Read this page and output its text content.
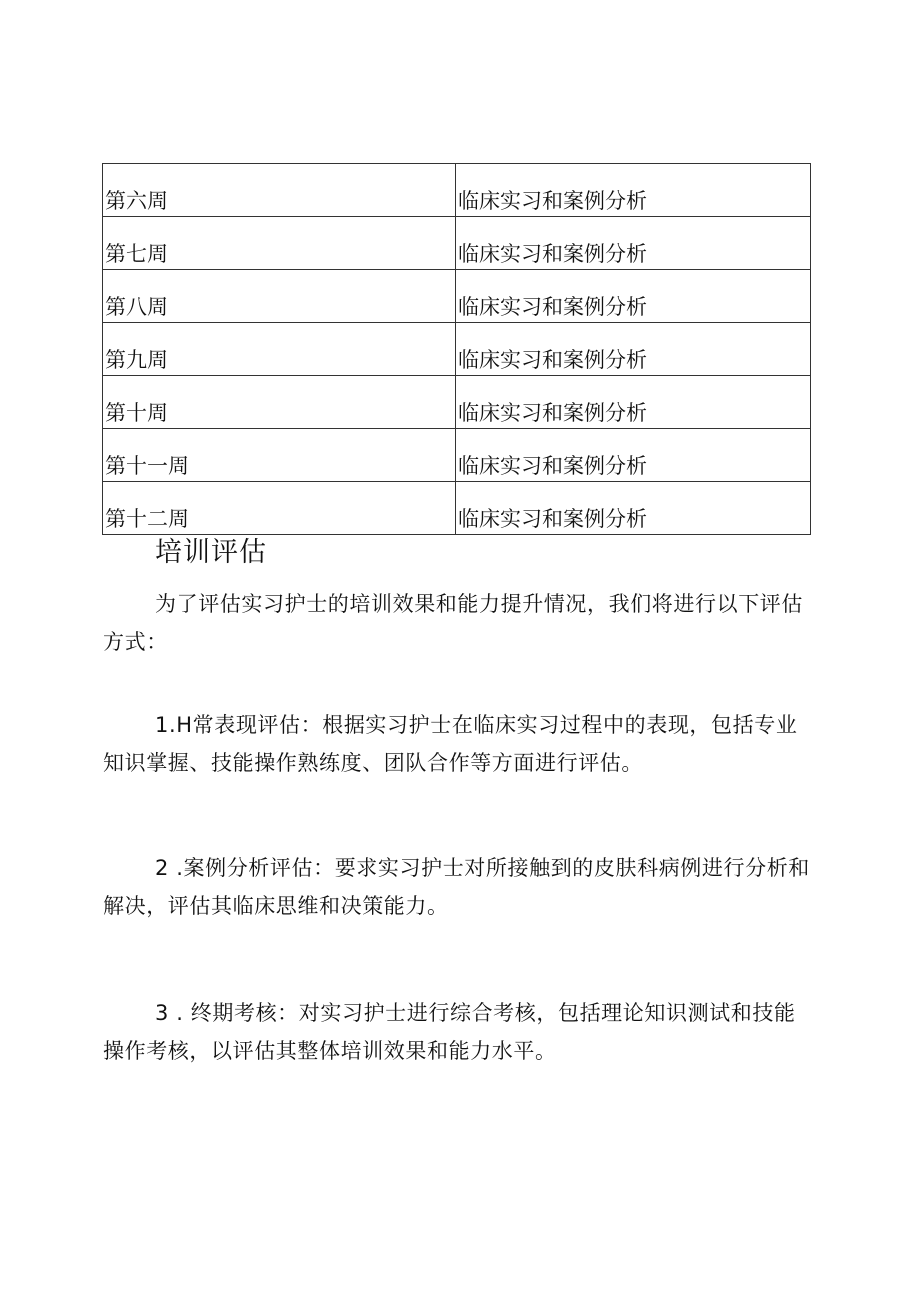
第六周	临床实习和案例分析
第七周	临床实习和案例分析
第八周	临床实习和案例分析
第九周	临床实习和案例分析
第十周	临床实习和案例分析
第十一周	临床实习和案例分析
第十二周	临床实习和案例分析
培训评估

为了评估实习护士的培训效果和能力提升情况，我们将进行以下评估方式：

1.H常表现评估：根据实习护士在临床实习过程中的表现，包括专业知识掌握、技能操作熟练度、团队合作等方面进行评估。

2 .案例分析评估：要求实习护士对所接触到的皮肤科病例进行分析和解决，评估其临床思维和决策能力。

3 . 终期考核：对实习护士进行综合考核，包括理论知识测试和技能操作考核，以评估其整体培训效果和能力水平。
